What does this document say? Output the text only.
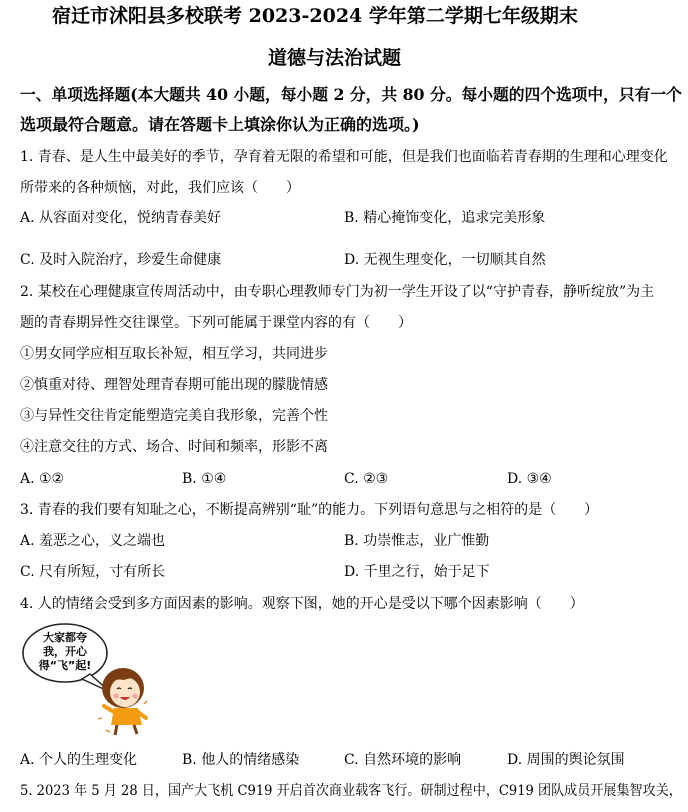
宿迁市沭阳县多校联考 2023-2024 学年第二学期七年级期末
道德与法治试题
一、单项选择题(本大题共 40 小题，每小题 2 分，共 80 分。每小题的四个选项中，只有一个
选项最符合题意。请在答题卡上填涂你认为正确的选项。)
1. 青春、是人生中最美好的季节，孕育着无限的希望和可能，但是我们也面临若青春期的生理和心理变化
所带来的各种烦恼，对此，我们应该（　　）
A. 从容面对变化，悦纳青春美好	B. 精心掩饰变化，追求完美形象
C. 及时入院治疗，珍爱生命健康	D. 无视生理变化，一切顺其自然
2. 某校在心理健康宣传周活动中，由专职心理教师专门为初一学生开设了以“守护青春，静听绽放”为主
题的青春期异性交往课堂。下列可能属于课堂内容的有（　　）
①男女同学应相互取长补短，相互学习，共同进步
②慎重对待、理智处理青春期可能出现的朦胧情感
③与异性交往肯定能塑造完美自我形象，完善个性
④注意交往的方式、场合、时间和频率，形影不离
A. ①②	B. ①④	C. ②③	D. ③④
3. 青春的我们要有知耻之心，不断提高辨别“耻”的能力。下列语句意思与之相符的是（　　）
A. 羞恶之心，义之端也	B. 功崇惟志，业广惟勤
C. 尺有所短，寸有所长	D. 千里之行，始于足下
4. 人的情绪会受到多方面因素的影响。观察下图，她的开心是受以下哪个因素影响（　　）
大家都夸
我，开心
得“飞”起!
A. 个人的生理变化	B. 他人的情绪感染	C. 自然环境的影响	D. 周围的舆论氛围
5. 2023 年 5 月 28 日，国产大飞机 C919 开启首次商业载客飞行。研制过程中，C919 团队成员开展集智攻关，
